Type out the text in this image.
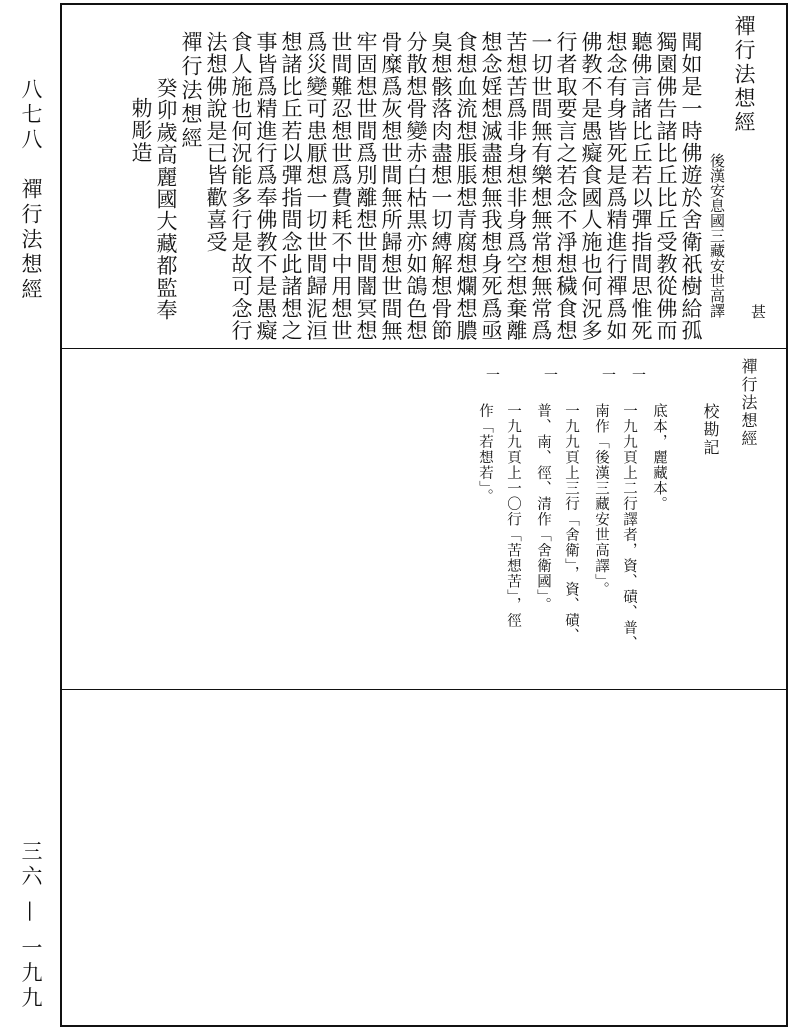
八七八　禪行法想經
三六 — 一九九
禪行法想經
後漢安息國三藏安世高譯 甚
聞如是一時佛遊於舍衛祇樹給孤
獨園佛告諸比丘比丘受教從佛而
聽佛言諸比丘若以彈指間思惟死
想念有身皆死是爲精進行禪爲如
佛教不是愚癡食國人施也何況多
行者取要言之若念不淨想穢食想
一切世間無有樂想無常想無常爲
苦想苦爲非身想非身爲空想棄離
想念婬想滅盡想無我想身死爲亟
食想血流想脹脹想青腐想爛想膿
臭想骸落肉盡想一切縛解想骨節
分散想骨變赤白枯黒亦如鴿色想
骨糜爲灰想世間無所歸想世間無
牢固想世間爲別離想世間闇冥想
世間難忍想世爲費耗不中用想世
爲災變可患厭想一切世間歸泥洹
想諸比丘若以彈指間念此諸想之
事皆爲精進行爲奉佛教不是愚癡
食人施也何況能多行是故可念行
法想佛說是已皆歡喜受
禪行法想經
癸卯歲高麗國大藏都監奉
勅彫造
禪行法想經
校勘記
一
底本，麗藏本。
一
一九九頁上二行譯者，資、磧、普、
南作「後漢三藏安世高譯」。
一
一九九頁上三行「舍衛」，資、磧、
普、南、徑、清作「舍衛國」。
一
一九九頁上一〇行「苦想苦」，徑
作「若想若」。
